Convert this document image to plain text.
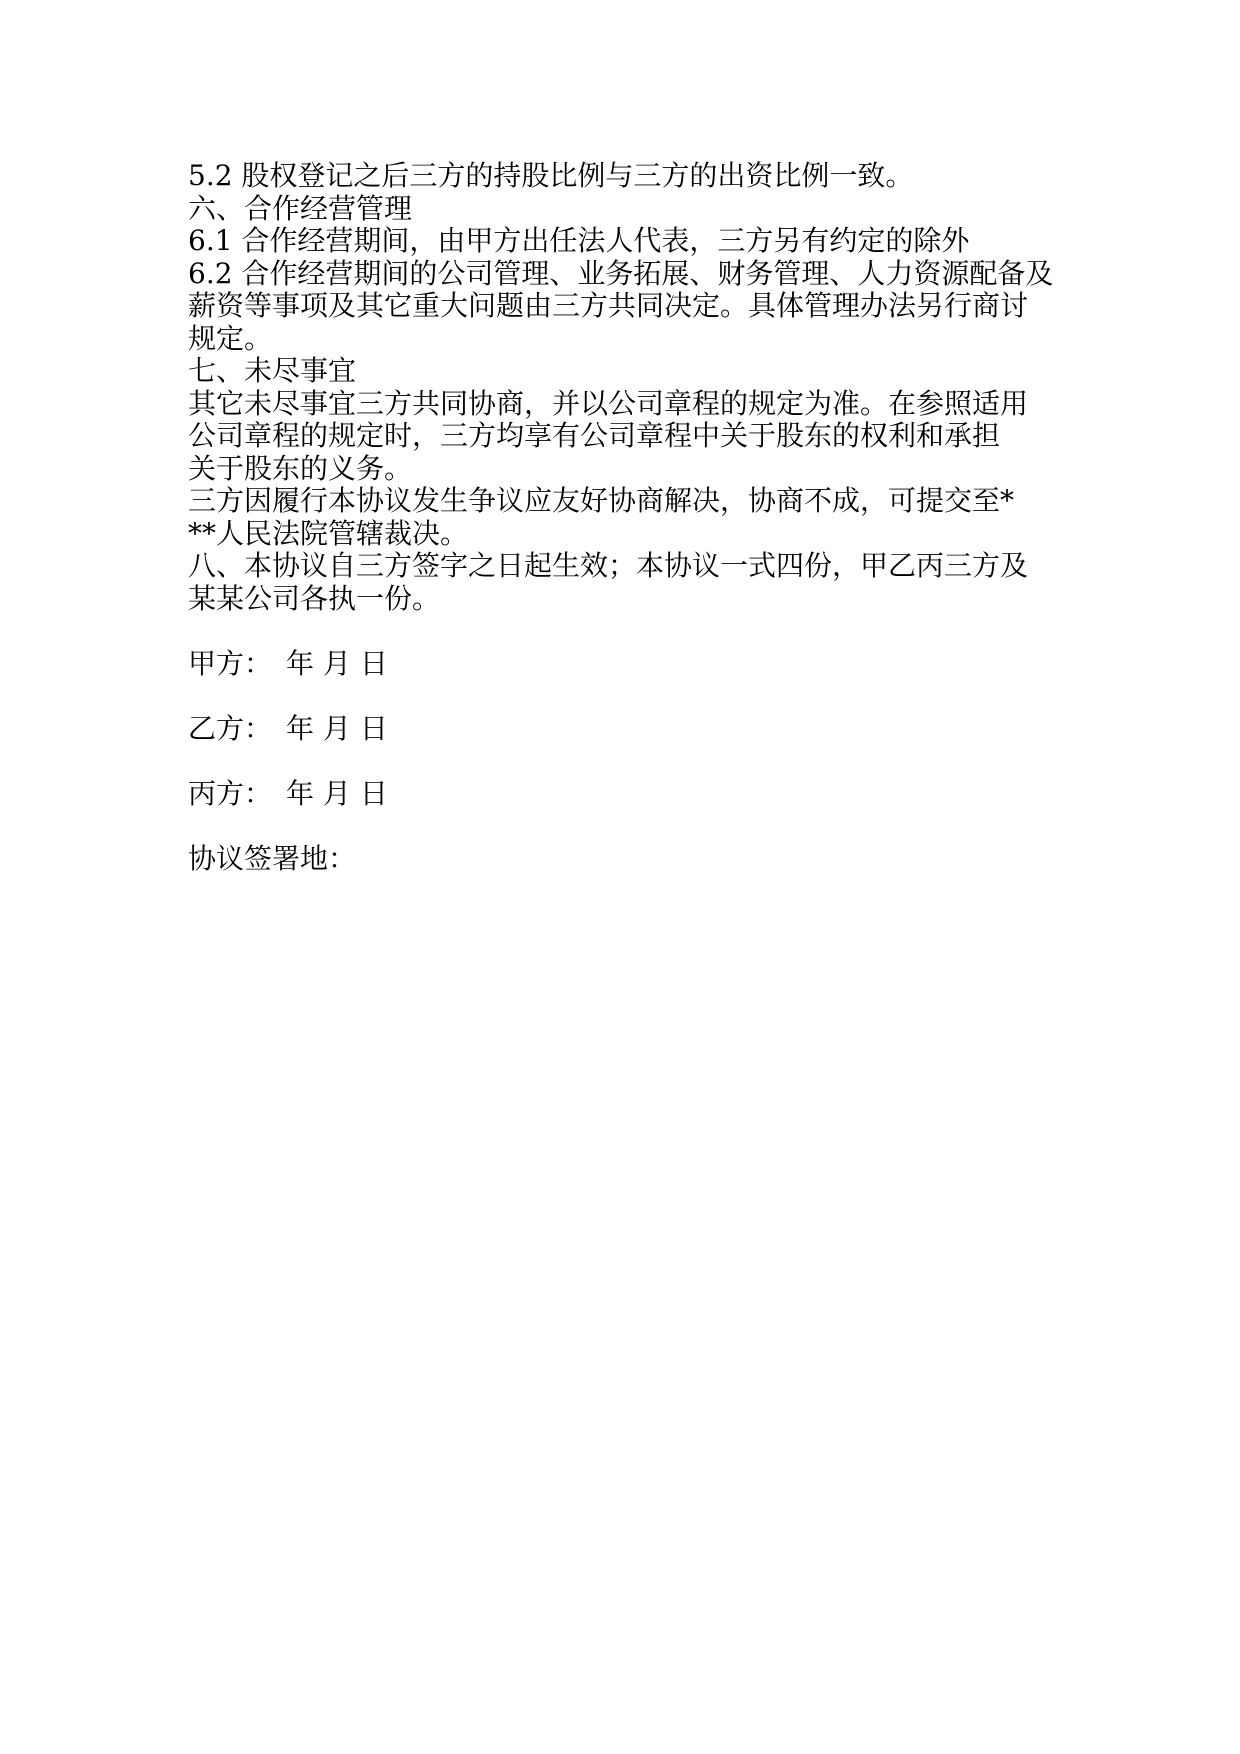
5.2 股权登记之后三方的持股比例与三方的出资比例一致。

六、合作经营管理

6.1 合作经营期间，由甲方出任法人代表，三方另有约定的除外

6.2 合作经营期间的公司管理、业务拓展、财务管理、人力资源配备及

薪资等事项及其它重大问题由三方共同决定。具体管理办法另行商讨

规定。

七、未尽事宜

其它未尽事宜三方共同协商，并以公司章程的规定为准。在参照适用

公司章程的规定时，三方均享有公司章程中关于股东的权利和承担

关于股东的义务。

三方因履行本协议发生争议应友好协商解决，协商不成，可提交至*

**人民法院管辖裁决。

八、本协议自三方签字之日起生效；本协议一式四份，甲乙丙三方及

某某公司各执一份。

甲方： 年 月 日

乙方： 年 月 日

丙方： 年 月 日

协议签署地：
